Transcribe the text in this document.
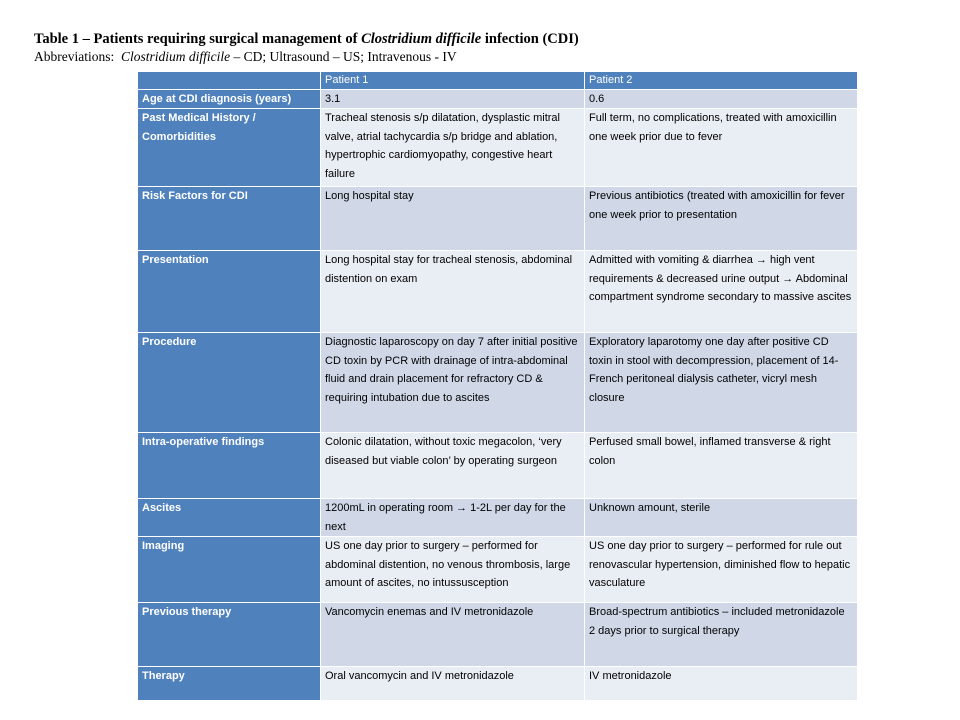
Table 1 – Patients requiring surgical management of Clostridium difficile infection (CDI)
Abbreviations:  Clostridium difficile – CD; Ultrasound – US; Intravenous - IV
	Patient 1	Patient 2
Age at CDI diagnosis (years)	3.1	0.6
Past Medical History / Comorbidities	Tracheal stenosis s/p dilatation, dysplastic mitral valve, atrial tachycardia s/p bridge and ablation, hypertrophic cardiomyopathy, congestive heart failure	Full term, no complications, treated with amoxicillin one week prior due to fever
Risk Factors for CDI	Long hospital stay	Previous antibiotics (treated with amoxicillin for fever one week prior to presentation
Presentation	Long hospital stay for tracheal stenosis, abdominal distention on exam	Admitted with vomiting & diarrhea → high vent requirements & decreased urine output → Abdominal compartment syndrome secondary to massive ascites
Procedure	Diagnostic laparoscopy on day 7 after initial positive CD toxin by PCR with drainage of intra-abdominal fluid and drain placement for refractory CD & requiring intubation due to ascites	Exploratory laparotomy one day after positive CD toxin in stool with decompression, placement of 14-French peritoneal dialysis catheter, vicryl mesh closure
Intra-operative findings	Colonic dilatation, without toxic megacolon, ‘very diseased but viable colon’ by operating surgeon	Perfused small bowel, inflamed transverse & right colon
Ascites	1200mL in operating room → 1-2L per day for the next	Unknown amount, sterile
Imaging	US one day prior to surgery – performed for abdominal distention, no venous thrombosis, large amount of ascites, no intussusception	US one day prior to surgery – performed for rule out renovascular hypertension, diminished flow to hepatic vasculature
Previous therapy	Vancomycin enemas and IV metronidazole	Broad-spectrum antibiotics – included metronidazole 2 days prior to surgical therapy
Therapy	Oral vancomycin and IV metronidazole	IV metronidazole
